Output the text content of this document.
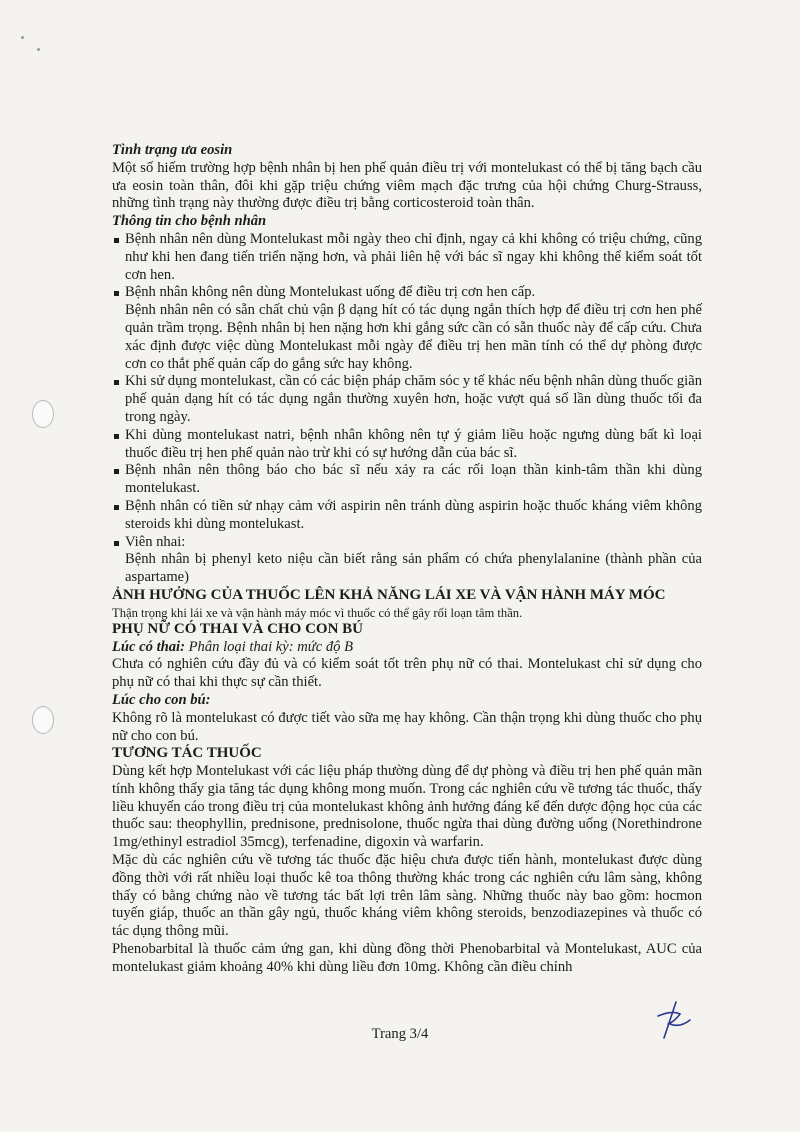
Tình trạng ưa eosin

Một số hiếm trường hợp bệnh nhân bị hen phế quản điều trị với montelukast có thể bị tăng bạch cầu ưa eosin toàn thân, đôi khi gặp triệu chứng viêm mạch đặc trưng của hội chứng Churg-Strauss, những tình trạng này thường được điều trị bằng corticosteroid toàn thân.

Thông tin cho bệnh nhân

Bệnh nhân nên dùng Montelukast mỗi ngày theo chỉ định, ngay cả khi không có triệu chứng, cũng như khi hen đang tiến triển nặng hơn, và phải liên hệ với bác sĩ ngay khi không thể kiểm soát tốt cơn hen.
Bệnh nhân không nên dùng Montelukast uống để điều trị cơn hen cấp.

Bệnh nhân nên có sẵn chất chủ vận β dạng hít có tác dụng ngắn thích hợp để điều trị cơn hen phế quản trầm trọng. Bệnh nhân bị hen nặng hơn khi gắng sức cần có sẵn thuốc này để cấp cứu. Chưa xác định được việc dùng Montelukast mỗi ngày để điều trị hen mãn tính có thể dự phòng được cơn co thắt phế quản cấp do gắng sức hay không.

Khi sử dụng montelukast, cần có các biện pháp chăm sóc y tế khác nếu bệnh nhân dùng thuốc giãn phế quản dạng hít có tác dụng ngắn thường xuyên hơn, hoặc vượt quá số lần dùng thuốc tối đa trong ngày.
Khi dùng montelukast natri, bệnh nhân không nên tự ý giảm liều hoặc ngưng dùng bất kì loại thuốc điều trị hen phế quản nào trừ khi có sự hướng dẫn của bác sĩ.
Bệnh nhân nên thông báo cho bác sĩ nếu xảy ra các rối loạn thần kinh-tâm thần khi dùng montelukast.
Bệnh nhân có tiền sử nhạy cảm với aspirin nên tránh dùng aspirin hoặc thuốc kháng viêm không steroids khi dùng montelukast.
Viên nhai:

Bệnh nhân bị phenyl keto niệu cần biết rằng sản phẩm có chứa phenylalanine (thành phần của aspartame)

ẢNH HƯỞNG CỦA THUỐC LÊN KHẢ NĂNG LÁI XE VÀ VẬN HÀNH MÁY MÓC

Thận trọng khi lái xe và vận hành máy móc vì thuốc có thể gây rối loạn tâm thần.

PHỤ NỮ CÓ THAI VÀ CHO CON BÚ

Lúc có thai: Phân loại thai kỳ: mức độ B

Chưa có nghiên cứu đầy đủ và có kiểm soát tốt trên phụ nữ có thai. Montelukast chỉ sử dụng cho phụ nữ có thai khi thực sự cần thiết.

Lúc cho con bú:

Không rõ là montelukast có được tiết vào sữa mẹ hay không. Cần thận trọng khi dùng thuốc cho phụ nữ cho con bú.

TƯƠNG TÁC THUỐC

Dùng kết hợp Montelukast với các liệu pháp thường dùng để dự phòng và điều trị hen phế quản mãn tính không thấy gia tăng tác dụng không mong muốn. Trong các nghiên cứu về tương tác thuốc, thấy liều khuyến cáo trong điều trị của montelukast không ảnh hưởng đáng kể đến dược động học của các thuốc sau: theophyllin, prednisone, prednisolone, thuốc ngừa thai dùng đường uống (Norethindrone 1mg/ethinyl estradiol 35mcg), terfenadine, digoxin và warfarin.

Mặc dù các nghiên cứu về tương tác thuốc đặc hiệu chưa được tiến hành, montelukast được dùng đồng thời với rất nhiều loại thuốc kê toa thông thường khác trong các nghiên cứu lâm sàng, không thấy có bằng chứng nào về tương tác bất lợi trên lâm sàng. Những thuốc này bao gồm: hocmon tuyến giáp, thuốc an thần gây ngủ, thuốc kháng viêm không steroids, benzodiazepines và thuốc có tác dụng thông mũi.

Phenobarbital là thuốc cảm ứng gan, khi dùng đồng thời Phenobarbital và Montelukast, AUC của montelukast giảm khoảng 40% khi dùng liều đơn 10mg. Không cần điều chỉnh

Trang 3/4
